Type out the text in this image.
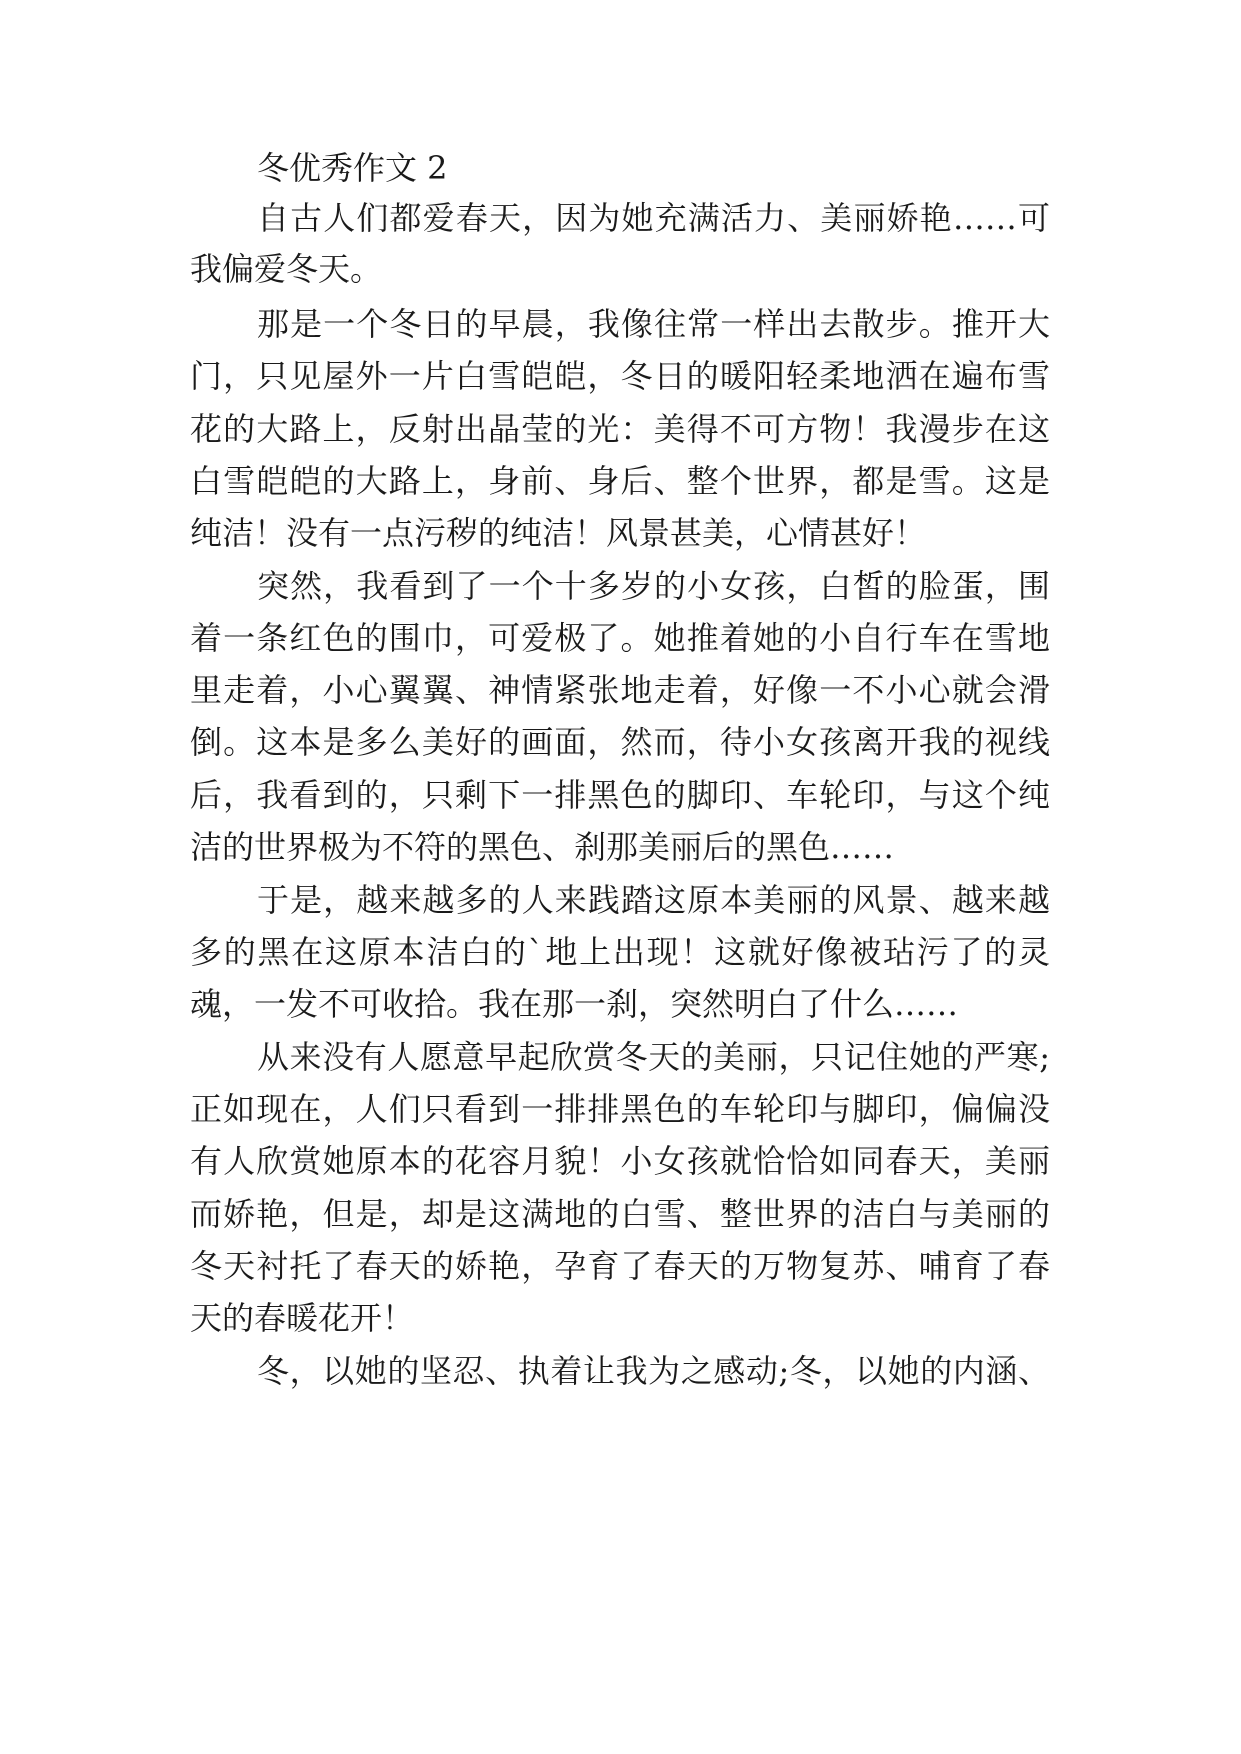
冬优秀作文 2
自古人们都爱春天，因为她充满活力、美丽娇艳……可
我偏爱冬天。
那是一个冬日的早晨，我像往常一样出去散步。推开大
门，只见屋外一片白雪皑皑，冬日的暖阳轻柔地洒在遍布雪
花的大路上，反射出晶莹的光：美得不可方物！我漫步在这
白雪皑皑的大路上，身前、身后、整个世界，都是雪。这是
纯洁！没有一点污秽的纯洁！风景甚美，心情甚好！
突然，我看到了一个十多岁的小女孩，白皙的脸蛋，围
着一条红色的围巾，可爱极了。她推着她的小自行车在雪地
里走着，小心翼翼、神情紧张地走着，好像一不小心就会滑
倒。这本是多么美好的画面，然而，待小女孩离开我的视线
后，我看到的，只剩下一排黑色的脚印、车轮印，与这个纯
洁的世界极为不符的黑色、刹那美丽后的黑色……
于是，越来越多的人来践踏这原本美丽的风景、越来越
多的黑在这原本洁白的`地上出现！这就好像被玷污了的灵
魂，一发不可收拾。我在那一刹，突然明白了什么……
从来没有人愿意早起欣赏冬天的美丽，只记住她的严寒;
正如现在，人们只看到一排排黑色的车轮印与脚印，偏偏没
有人欣赏她原本的花容月貌！小女孩就恰恰如同春天，美丽
而娇艳，但是，却是这满地的白雪、整世界的洁白与美丽的
冬天衬托了春天的娇艳，孕育了春天的万物复苏、哺育了春
天的春暖花开！
冬，以她的坚忍、执着让我为之感动;冬，以她的内涵、
